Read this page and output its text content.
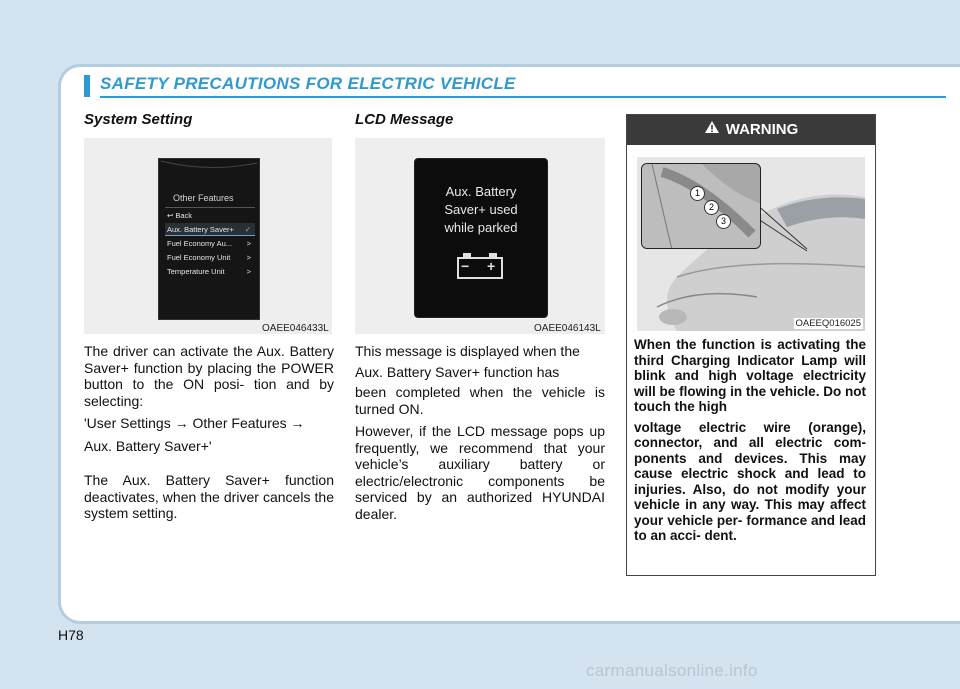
SAFETY PRECAUTIONS FOR ELECTRIC VEHICLE
System Setting
Other Features
↩ Back
Aux. Battery Saver+ ✓
Fuel Economy Au... >
Fuel Economy Unit >
Temperature Unit	>
OAEE046433L

The driver can activate the Aux. Battery Saver+ function by placing the POWER button to the ON posi- tion and by selecting:

'User Settings → Other Features →

Aux. Battery Saver+'

The Aux. Battery Saver+ function deactivates, when the driver cancels the system setting.

LCD Message
Aux. Battery
Saver+ used
while parked
− +
OAEE046143L

This message is displayed when the

Aux. Battery Saver+ function has

been completed when the vehicle is turned ON.

However, if the LCD message pops up frequently, we recommend that your vehicle’s auxiliary battery or electric/electronic components be serviced by an authorized HYUNDAI dealer.

WARNING
1
2
3
OAEEQ016025

When the function is activating the third Charging Indicator Lamp will blink and high voltage electricity will be flowing in the vehicle. Do not touch the high

voltage electric wire (orange), connector, and all electric com- ponents and devices. This may cause electric shock and lead to injuries. Also, do not modify your vehicle in any way. This may affect your vehicle per- formance and lead to an acci- dent.

H78
carmanualsonline.info
